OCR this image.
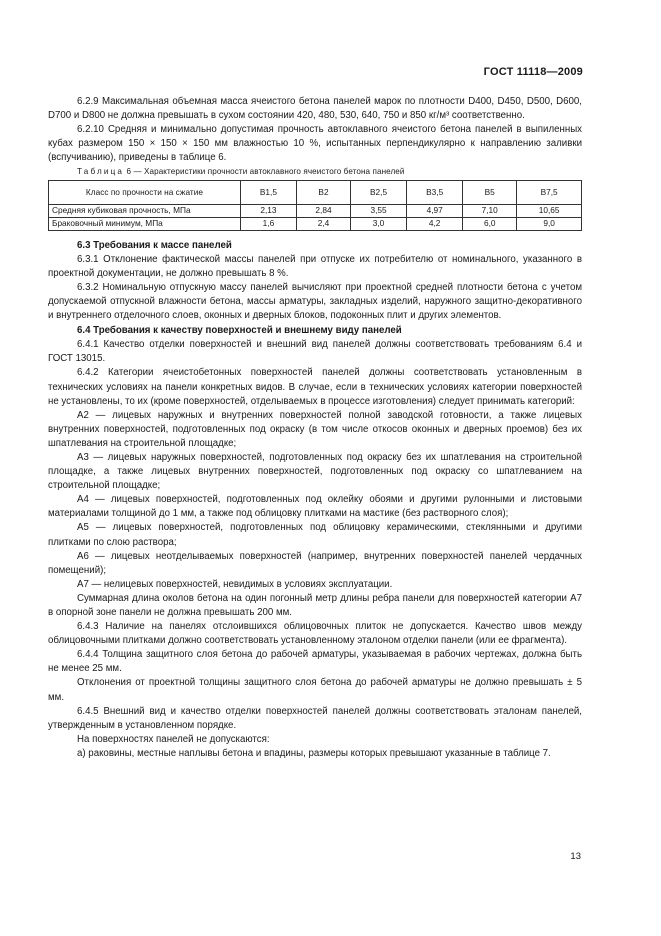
ГОСТ 11118—2009

6.2.9 Максимальная объемная масса ячеистого бетона панелей марок по плотности D400, D450, D500, D600, D700 и D800 не должна превышать в сухом состоянии 420, 480, 530, 640, 750 и 850 кг/м³ соответственно.

6.2.10 Средняя и минимально допустимая прочность автоклавного ячеистого бетона панелей в выпиленных кубах размером 150 × 150 × 150 мм влажностью 10 %, испытанных перпендикулярно к направлению заливки (вспучиванию), приведены в таблице 6.

Таблица 6 — Характеристики прочности автоклавного ячеистого бетона панелей

Класс по прочности на сжатие	В1,5	В2	В2,5	В3,5	В5	В7,5
Средняя кубиковая прочность, МПа	2,13	2,84	3,55	4,97	7,10	10,65
Браковочный минимум, МПа	1,6	2,4	3,0	4,2	6,0	9,0

6.3 Требования к массе панелей

6.3.1 Отклонение фактической массы панелей при отпуске их потребителю от номинального, указанного в проектной документации, не должно превышать 8 %.

6.3.2 Номинальную отпускную массу панелей вычисляют при проектной средней плотности бетона с учетом допускаемой отпускной влажности бетона, массы арматуры, закладных изделий, наружного защитно-декоративного и внутреннего отделочного слоев, оконных и дверных блоков, подоконных плит и других элементов.

6.4 Требования к качеству поверхностей и внешнему виду панелей

6.4.1 Качество отделки поверхностей и внешний вид панелей должны соответствовать требованиям 6.4 и ГОСТ 13015.

6.4.2 Категории ячеистобетонных поверхностей панелей должны соответствовать установленным в технических условиях на панели конкретных видов. В случае, если в технических условиях категории поверхностей не установлены, то их (кроме поверхностей, отделываемых в процессе изготовления) следует принимать категорий:

А2 — лицевых наружных и внутренних поверхностей полной заводской готовности, а также лицевых внутренних поверхностей, подготовленных под окраску (в том числе откосов оконных и дверных проемов) без их шпатлевания на строительной площадке;

А3 — лицевых наружных поверхностей, подготовленных под окраску без их шпатлевания на строительной площадке, а также лицевых внутренних поверхностей, подготовленных под окраску со шпатлеванием на строительной площадке;

А4 — лицевых поверхностей, подготовленных под оклейку обоями и другими рулонными и листовыми материалами толщиной до 1 мм, а также под облицовку плитками на мастике (без растворного слоя);

А5 — лицевых поверхностей, подготовленных под облицовку керамическими, стеклянными и другими плитками по слою раствора;

А6 — лицевых неотделываемых поверхностей (например, внутренних поверхностей панелей чердачных помещений);

А7 — нелицевых поверхностей, невидимых в условиях эксплуатации.

Суммарная длина околов бетона на один погонный метр длины ребра панели для поверхностей категории А7 в опорной зоне панели не должна превышать 200 мм.

6.4.3 Наличие на панелях отслоившихся облицовочных плиток не допускается. Качество швов между облицовочными плитками должно соответствовать установленному эталоном отделки панели (или ее фрагмента).

6.4.4 Толщина защитного слоя бетона до рабочей арматуры, указываемая в рабочих чертежах, должна быть не менее 25 мм.

Отклонения от проектной толщины защитного слоя бетона до рабочей арматуры не должно превышать ± 5 мм.

6.4.5 Внешний вид и качество отделки поверхностей панелей должны соответствовать эталонам панелей, утвержденным в установленном порядке.

На поверхностях панелей не допускаются:

а) раковины, местные наплывы бетона и впадины, размеры которых превышают указанные в таблице 7.

13
